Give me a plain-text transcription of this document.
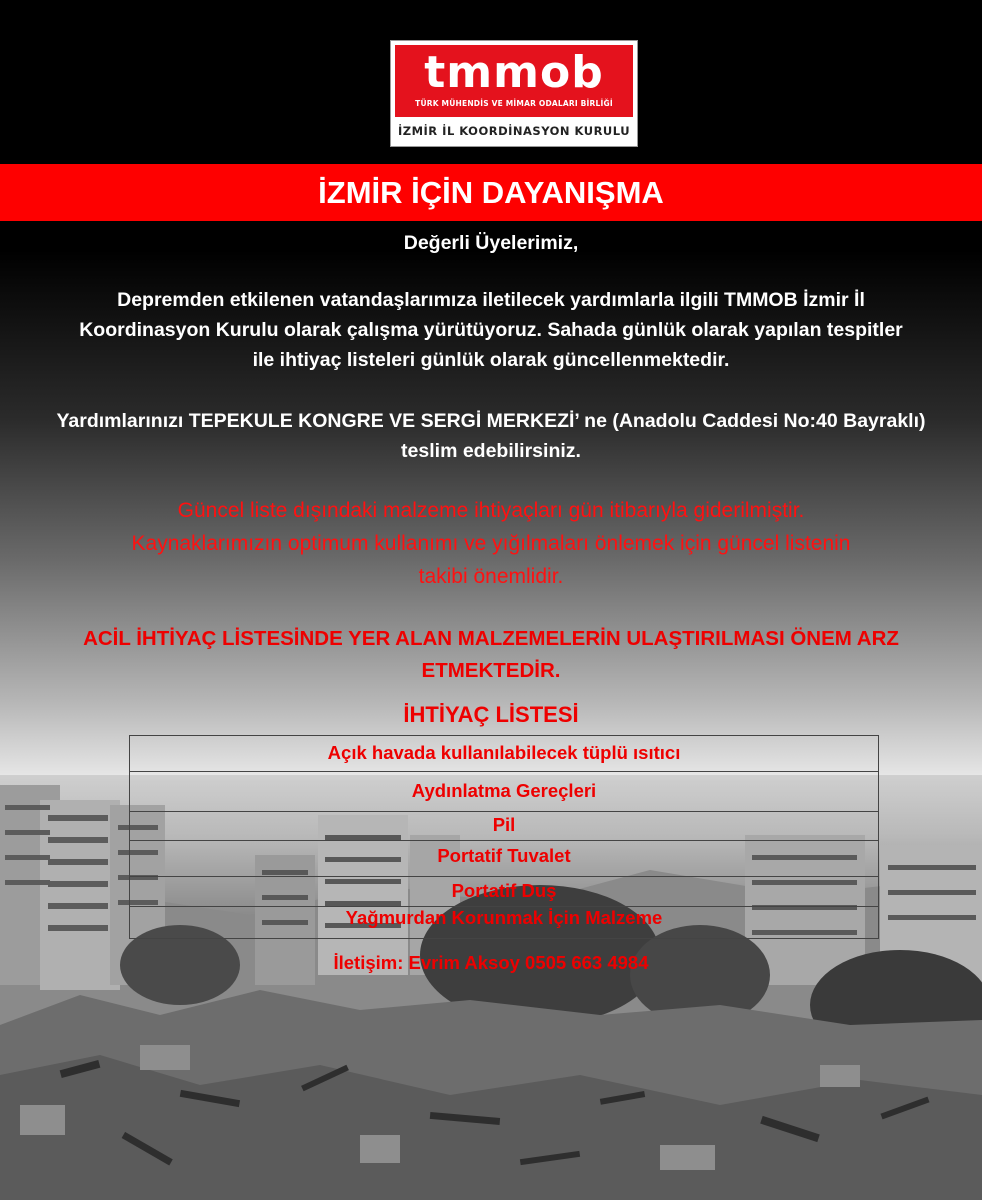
tmmob
TÜRK MÜHENDİS VE MİMAR ODALARI BİRLİĞİ
İZMİR İL KOORDİNASYON KURULU
İZMİR İÇİN DAYANIŞMA

Değerli Üyelerimiz,

Depremden etkilenen vatandaşlarımıza iletilecek yardımlarla ilgili TMMOB İzmir İl

Koordinasyon Kurulu olarak çalışma yürütüyoruz. Sahada günlük olarak yapılan tespitler

ile ihtiyaç listeleri günlük olarak güncellenmektedir.

Yardımlarınızı TEPEKULE KONGRE VE SERGİ MERKEZİ’ ne (Anadolu Caddesi No:40 Bayraklı)

teslim edebilirsiniz.

Güncel liste dışındaki malzeme ihtiyaçları gün itibarıyla giderilmiştir.

Kaynaklarımızın optimum kullanımı ve yığılmaları önlemek için güncel listenin

takibi önemlidir.

ACİL İHTİYAÇ LİSTESİNDE YER ALAN MALZEMELERİN ULAŞTIRILMASI ÖNEM ARZ

ETMEKTEDİR.

İHTİYAÇ LİSTESİ
Açık havada kullanılabilecek tüplü ısıtıcı
Aydınlatma Gereçleri
Pil
Portatif Tuvalet
Portatif Duş
Yağmurdan Korunmak İçin Malzeme
İletişim: Evrim Aksoy 0505 663 4984
